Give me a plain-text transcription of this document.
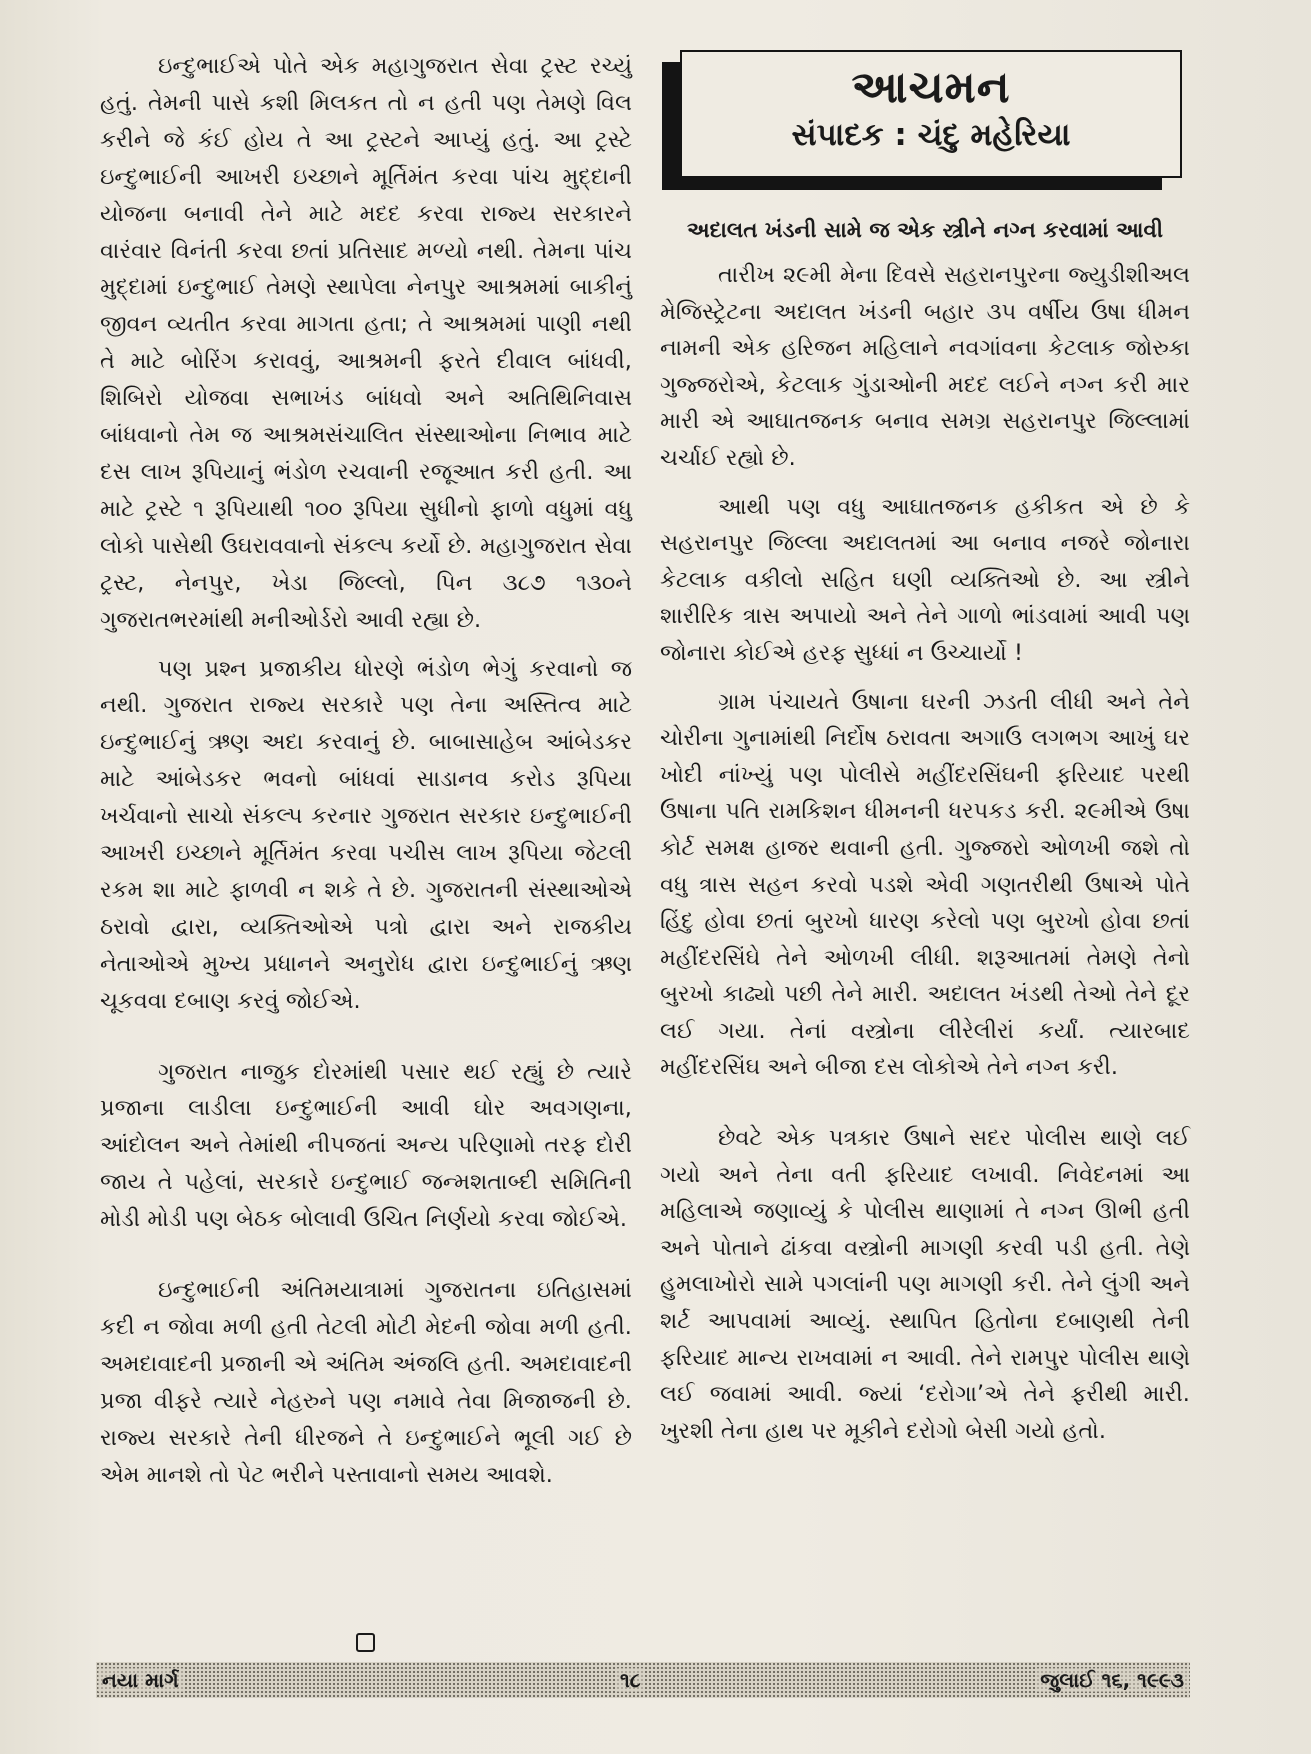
ઇન્દુભાઈએ પોતે એક મહાગુજરાત સેવા ટ્રસ્ટ રચ્યું હતું. તેમની પાસે કશી મિલકત તો ન હતી પણ તેમણે વિલ કરીને જે કંઈ હોય તે આ ટ્રસ્ટને આપ્યું હતું. આ ટ્રસ્ટે ઇન્દુભાઈની આખરી ઇચ્છાને મૂર્તિમંત કરવા પાંચ મુદ્દાની યોજના બનાવી તેને માટે મદદ કરવા રાજ્ય સરકારને વારંવાર વિનંતી કરવા છતાં પ્રતિસાદ મળ્યો નથી. તેમના પાંચ મુદ્દામાં ઇન્દુભાઈ તેમણે સ્થાપેલા નેનપુર આશ્રમમાં બાકીનું જીવન વ્યતીત કરવા માગતા હતા; તે આશ્રમમાં પાણી નથી તે માટે બોરિંગ કરાવવું, આશ્રમની ફરતે દીવાલ બાંધવી, શિબિરો યોજવા સભાખંડ બાંધવો અને અતિથિનિવાસ બાંધવાનો તેમ જ આશ્રમસંચાલિત સંસ્થાઓના નિભાવ માટે દસ લાખ રૂપિયાનું ભંડોળ રચવાની રજૂઆત કરી હતી. આ માટે ટ્રસ્ટે ૧ રૂપિયાથી ૧૦૦ રૂપિયા સુધીનો ફાળો વધુમાં વધુ લોકો પાસેથી ઉઘરાવવાનો સંકલ્પ કર્યો છે. મહાગુજરાત સેવા ટ્રસ્ટ, નેનપુર, ખેડા જિલ્લો, પિન ૩૮૭ ૧૩૦ને ગુજરાતભરમાંથી મનીઓર્ડરો આવી રહ્યા છે.

પણ પ્રશ્ન પ્રજાકીય ધોરણે ભંડોળ ભેગું કરવાનો જ નથી. ગુજરાત રાજ્ય સરકારે પણ તેના અસ્તિત્વ માટે ઇન્દુભાઈનું ઋણ અદા કરવાનું છે. બાબાસાહેબ આંબેડકર માટે આંબેડકર ભવનો બાંધવાં સાડાનવ કરોડ રૂપિયા ખર્ચવાનો સાચો સંકલ્પ કરનાર ગુજરાત સરકાર ઇન્દુભાઈની આખરી ઇચ્છાને મૂર્તિમંત કરવા પચીસ લાખ રૂપિયા જેટલી રકમ શા માટે ફાળવી ન શકે તે છે. ગુજરાતની સંસ્થાઓએ ઠરાવો દ્વારા, વ્યક્તિઓએ પત્રો દ્વારા અને રાજકીય નેતાઓએ મુખ્ય પ્રધાનને અનુરોધ દ્વારા ઇન્દુભાઈનું ઋણ ચૂકવવા દબાણ કરવું જોઈએ.

ગુજરાત નાજુક દોરમાંથી પસાર થઈ રહ્યું છે ત્યારે પ્રજાના લાડીલા ઇન્દુભાઈની આવી ઘોર અવગણના, આંદોલન અને તેમાંથી નીપજતાં અન્ય પરિણામો તરફ દોરી જાય તે પહેલાં, સરકારે ઇન્દુભાઈ જન્મશતાબ્દી સમિતિની મોડી મોડી પણ બેઠક બોલાવી ઉચિત નિર્ણયો કરવા જોઈએ.

ઇન્દુભાઈની અંતિમયાત્રામાં ગુજરાતના ઇતિહાસમાં કદી ન જોવા મળી હતી તેટલી મોટી મેદની જોવા મળી હતી. અમદાવાદની પ્રજાની એ અંતિમ અંજલિ હતી. અમદાવાદની પ્રજા વીફરે ત્યારે નેહરુને પણ નમાવે તેવા મિજાજની છે. રાજ્ય સરકારે તેની ધીરજને તે ઇન્દુભાઈને ભૂલી ગઈ છે એમ માનશે તો પેટ ભરીને પસ્તાવાનો સમય આવશે.

આચમન
સંપાદક : ચંદુ મહેરિયા
અદાલત ખંડની સામે જ એક સ્ત્રીને નગ્ન કરવામાં આવી

તારીખ ૨૯મી મેના દિવસે સહરાનપુરના જ્યુડીશીઅલ મેજિસ્ટ્રેટના અદાલત ખંડની બહાર ૩૫ વર્ષીય ઉષા ધીમન નામની એક હરિજન મહિલાને નવગાંવના કેટલાક જોરુકા ગુજ્જરોએ, કેટલાક ગુંડાઓની મદદ લઈને નગ્ન કરી માર મારી એ આઘાતજનક બનાવ સમગ્ર સહરાનપુર જિલ્લામાં ચર્ચાઈ રહ્યો છે.

આથી પણ વધુ આઘાતજનક હકીકત એ છે કે સહરાનપુર જિલ્લા અદાલતમાં આ બનાવ નજરે જોનારા કેટલાક વકીલો સહિત ઘણી વ્યક્તિઓ છે. આ સ્ત્રીને શારીરિક ત્રાસ અપાયો અને તેને ગાળો ભાંડવામાં આવી પણ જોનારા કોઈએ હરફ સુધ્ધાં ન ઉચ્ચાર્યો !

ગ્રામ પંચાયતે ઉષાના ઘરની ઝડતી લીધી અને તેને ચોરીના ગુનામાંથી નિર્દોષ ઠરાવતા અગાઉ લગભગ આખું ઘર ખોદી નાંખ્યું પણ પોલીસે મહીંદરસિંઘની ફરિયાદ પરથી ઉષાના પતિ રામકિશન ધીમનની ધરપકડ કરી. ૨૯મીએ ઉષા કોર્ટ સમક્ષ હાજર થવાની હતી. ગુજ્જરો ઓળખી જશે તો વધુ ત્રાસ સહન કરવો પડશે એવી ગણતરીથી ઉષાએ પોતે હિંદુ હોવા છતાં બુરખો ધારણ કરેલો પણ બુરખો હોવા છતાં મહીંદરસિંઘે તેને ઓળખી લીધી. શરૂઆતમાં તેમણે તેનો બુરખો કાઢ્યો પછી તેને મારી. અદાલત ખંડથી તેઓ તેને દૂર લઈ ગયા. તેનાં વસ્ત્રોના લીરેલીરાં કર્યાં. ત્યારબાદ મહીંદરસિંઘ અને બીજા દસ લોકોએ તેને નગ્ન કરી.

છેવટે એક પત્રકાર ઉષાને સદર પોલીસ થાણે લઈ ગયો અને તેના વતી ફરિયાદ લખાવી. નિવેદનમાં આ મહિલાએ જણાવ્યું કે પોલીસ થાણામાં તે નગ્ન ઊભી હતી અને પોતાને ઢાંકવા વસ્ત્રોની માગણી કરવી પડી હતી. તેણે હુમલાખોરો સામે પગલાંની પણ માગણી કરી. તેને લુંગી અને શર્ટ આપવામાં આવ્યું. સ્થાપિત હિતોના દબાણથી તેની ફરિયાદ માન્ય રાખવામાં ન આવી. તેને રામપુર પોલીસ થાણે લઈ જવામાં આવી. જ્યાં ‘દરોગા’એ તેને ફરીથી મારી. ખુરશી તેના હાથ પર મૂકીને દરોગો બેસી ગયો હતો.

નયા માર્ગ	૧૮	જુલાઈ ૧૬, ૧૯૯૩
